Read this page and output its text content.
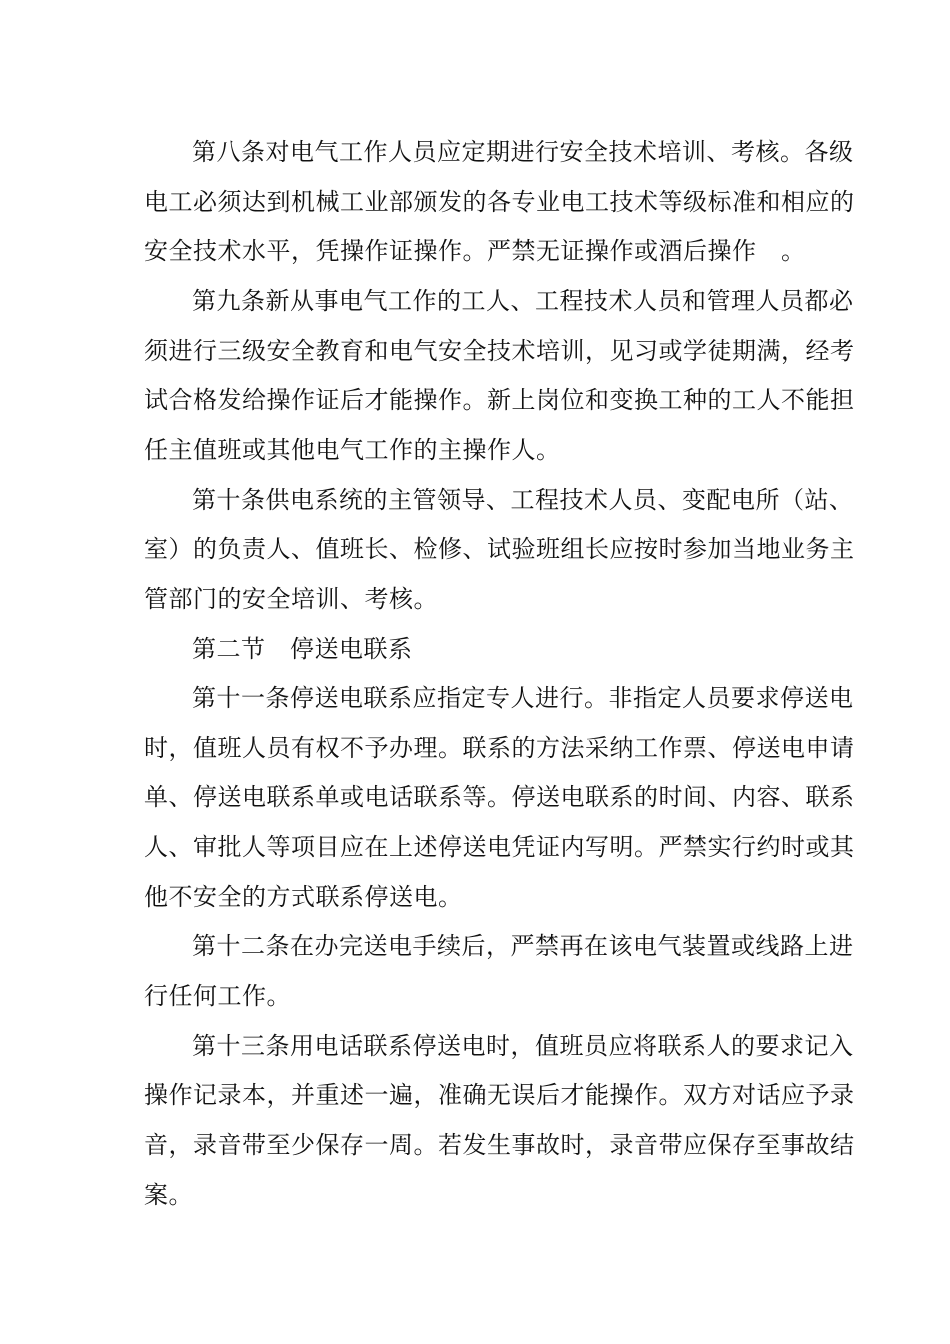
第八条对电气工作人员应定期进行安全技术培训、考核。各级
电工必须达到机械工业部颁发的各专业电工技术等级标准和相应的
安全技术水平，凭操作证操作。严禁无证操作或酒后操作　。
第九条新从事电气工作的工人、工程技术人员和管理人员都必
须进行三级安全教育和电气安全技术培训，见习或学徒期满，经考
试合格发给操作证后才能操作。新上岗位和变换工种的工人不能担
任主值班或其他电气工作的主操作人。
第十条供电系统的主管领导、工程技术人员、变配电所（站、
室）的负责人、值班长、检修、试验班组长应按时参加当地业务主
管部门的安全培训、考核。
第二节　停送电联系
第十一条停送电联系应指定专人进行。非指定人员要求停送电
时，值班人员有权不予办理。联系的方法采纳工作票、停送电申请
单、停送电联系单或电话联系等。停送电联系的时间、内容、联系
人、审批人等项目应在上述停送电凭证内写明。严禁实行约时或其
他不安全的方式联系停送电。
第十二条在办完送电手续后，严禁再在该电气装置或线路上进
行任何工作。
第十三条用电话联系停送电时，值班员应将联系人的要求记入
操作记录本，并重述一遍，准确无误后才能操作。双方对话应予录
音，录音带至少保存一周。若发生事故时，录音带应保存至事故结
案。
